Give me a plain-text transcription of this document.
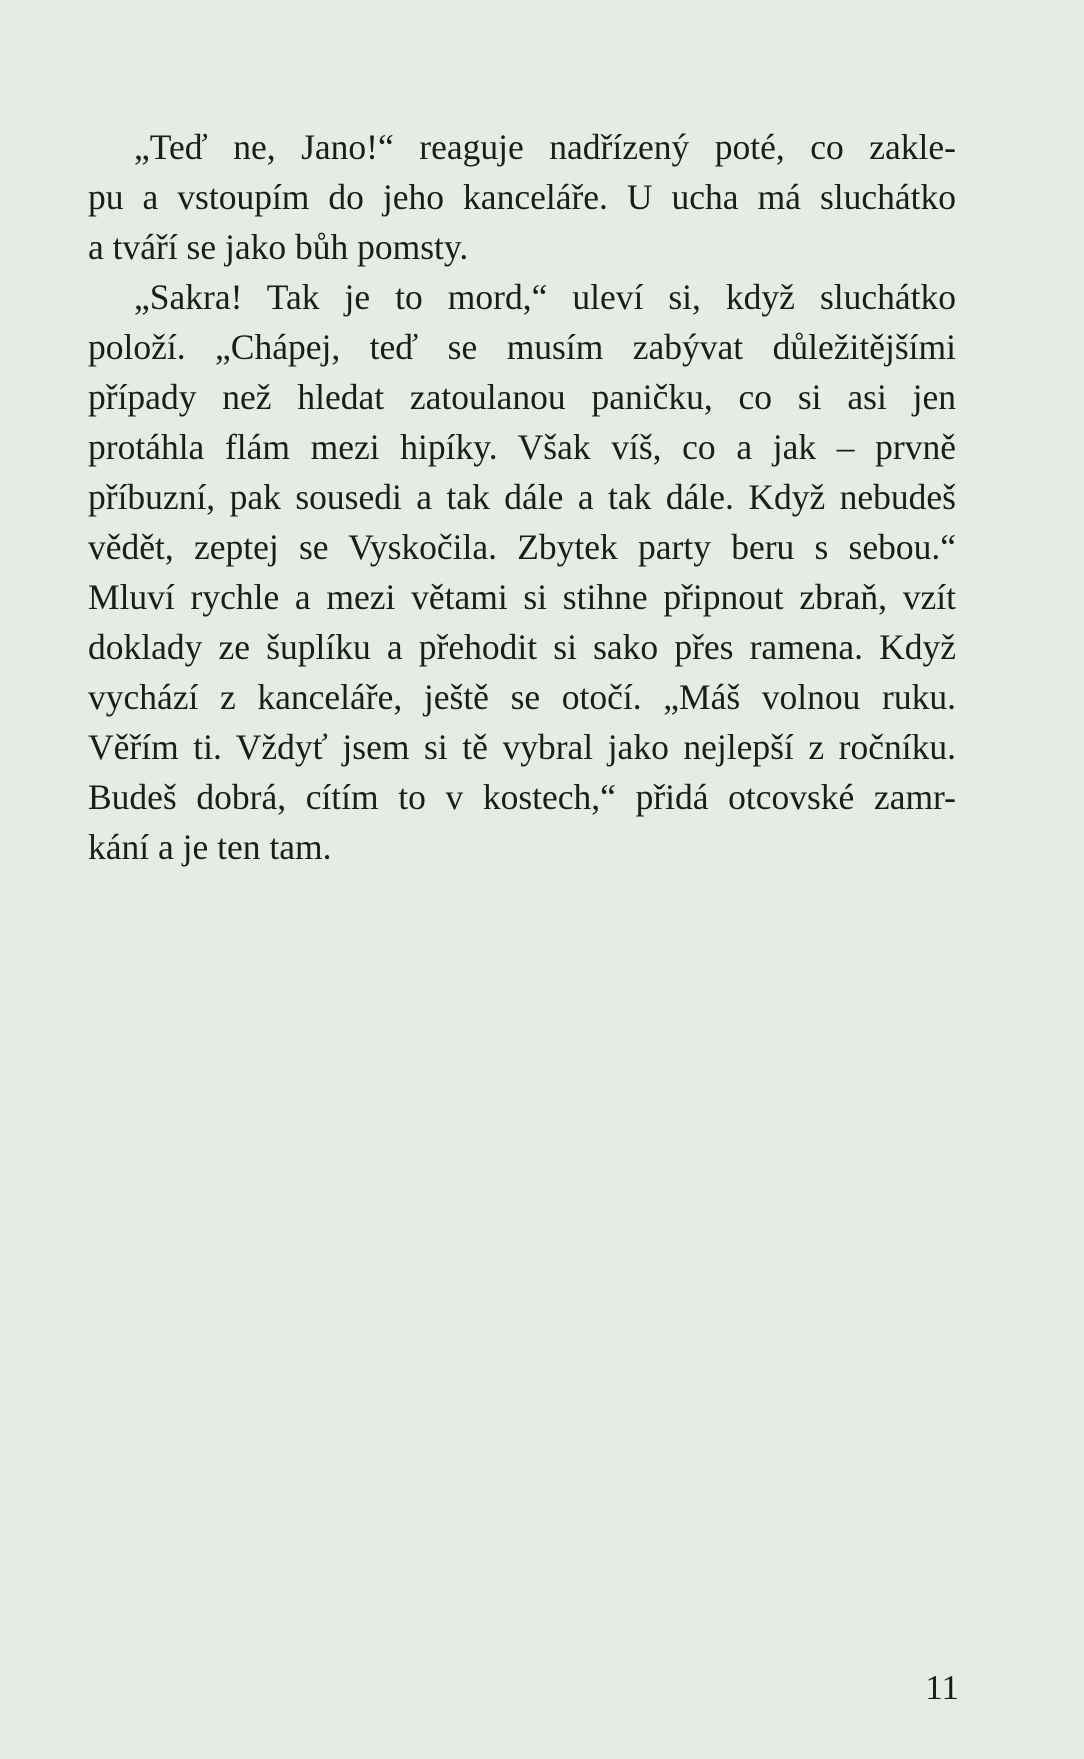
„Teď ne, Jano!“ reaguje nadřízený poté, co zakle-
pu a vstoupím do jeho kanceláře. U ucha má sluchátko
a tváří se jako bůh pomsty.
„Sakra! Tak je to mord,“ uleví si, když sluchátko
položí. „Chápej, teď se musím zabývat důležitějšími
případy než hledat zatoulanou paničku, co si asi jen
protáhla flám mezi hipíky. Však víš, co a jak – prvně
příbuzní, pak sousedi a tak dále a tak dále. Když nebudeš
vědět, zeptej se Vyskočila. Zbytek party beru s sebou.“
Mluví rychle a mezi větami si stihne připnout zbraň, vzít
doklady ze šuplíku a přehodit si sako přes ramena. Když
vychází z kanceláře, ještě se otočí. „Máš volnou ruku.
Věřím ti. Vždyť jsem si tě vybral jako nejlepší z ročníku.
Budeš dobrá, cítím to v kostech,“ přidá otcovské zamr-
kání a je ten tam.
11
